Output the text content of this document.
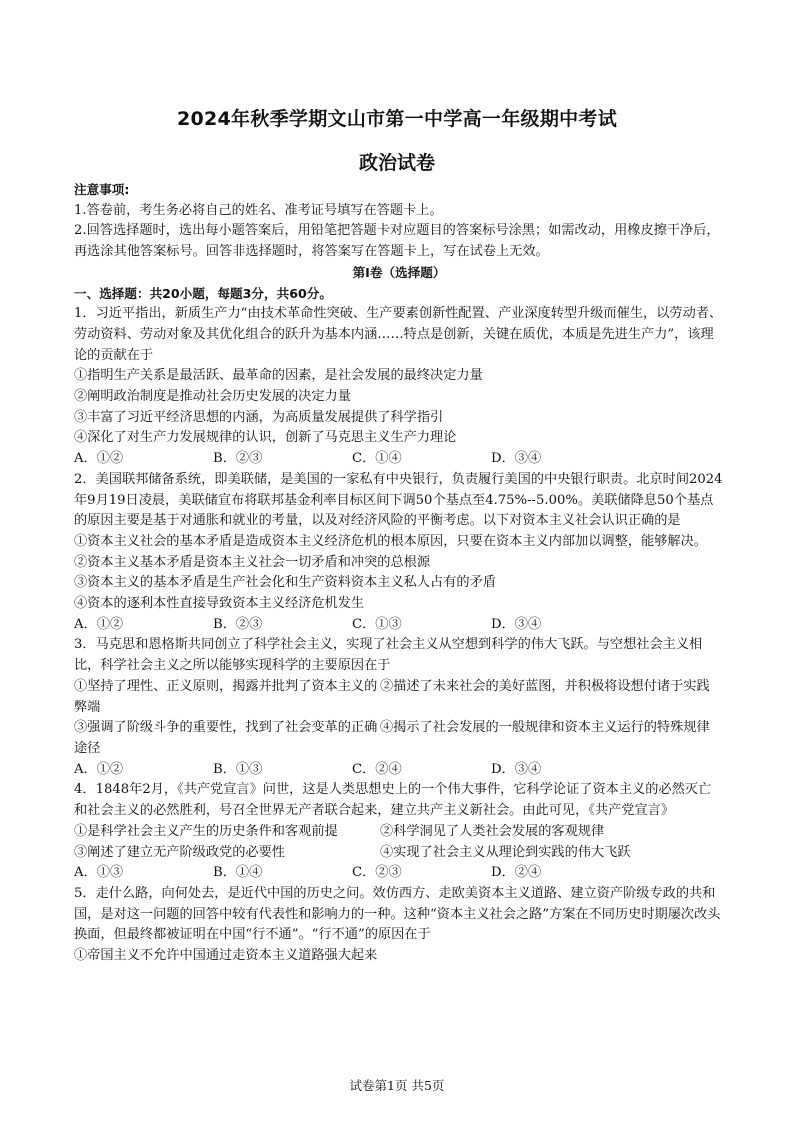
2024年秋季学期文山市第一中学高一年级期中考试
政治试卷
注意事项:
1.答卷前，考生务必将自己的姓名、准考证号填写在答题卡上。
2.回答选择题时，选出每小题答案后，用铅笔把答题卡对应题目的答案标号涂黑；如需改动，用橡皮擦干净后，再选涂其他答案标号。回答非选择题时，将答案写在答题卡上，写在试卷上无效。
第Ⅰ卷（选择题）
一、选择题：共20小题，每题3分，共60分。
1．习近平指出，新质生产力“由技术革命性突破、生产要素创新性配置、产业深度转型升级而催生，以劳动者、劳动资料、劳动对象及其优化组合的跃升为基本内涵……特点是创新，关键在质优，本质是先进生产力”，该理论的贡献在于
①指明生产关系是最活跃、最革命的因素，是社会发展的最终决定力量
②阐明政治制度是推动社会历史发展的决定力量
③丰富了习近平经济思想的内涵，为高质量发展提供了科学指引
④深化了对生产力发展规律的认识，创新了马克思主义生产力理论
A．①②	B．②③	C．①④	D．③④
2．美国联邦储备系统，即美联储，是美国的一家私有中央银行，负责履行美国的中央银行职责。北京时间2024年9月19日凌晨，美联储宣布将联邦基金利率目标区间下调50个基点至4.75%--5.00%。美联储降息50个基点的原因主要是基于对通胀和就业的考量，以及对经济风险的平衡考虑。以下对资本主义社会认识正确的是
①资本主义社会的基本矛盾是造成资本主义经济危机的根本原因，只要在资本主义内部加以调整，能够解决。
②资本主义基本矛盾是资本主义社会一切矛盾和冲突的总根源
③资本主义的基本矛盾是生产社会化和生产资料资本主义私人占有的矛盾
④资本的逐利本性直接导致资本主义经济危机发生
A．①②	B．②③	C．①③	D．③④
3．马克思和恩格斯共同创立了科学社会主义，实现了社会主义从空想到科学的伟大飞跃。与空想社会主义相比，科学社会主义之所以能够实现科学的主要原因在于
①坚持了理性、正义原则，揭露并批判了资本主义的弊端
②描述了未来社会的美好蓝图，并积极将设想付诸于实践
③强调了阶级斗争的重要性，找到了社会变革的正确途径
④揭示了社会发展的一般规律和资本主义运行的特殊规律
A．①②	B．①③	C．②④	D．③④
4．1848年2月，《共产党宣言》问世，这是人类思想史上的一个伟大事件，它科学论证了资本主义的必然灭亡和社会主义的必然胜利，号召全世界无产者联合起来，建立共产主义新社会。由此可见，《共产党宣言》
①是科学社会主义产生的历史条件和客观前提	②科学洞见了人类社会发展的客观规律
③阐述了建立无产阶级政党的必要性	④实现了社会主义从理论到实践的伟大飞跃
A．①③	B．①④	C．②③	D．②④
5．走什么路，向何处去，是近代中国的历史之问。效仿西方、走欧美资本主义道路、建立资产阶级专政的共和国，是对这一问题的回答中较有代表性和影响力的一种。这种“资本主义社会之路”方案在不同历史时期屡次改头换面，但最终都被证明在中国“行不通”。“行不通”的原因在于
①帝国主义不允许中国通过走资本主义道路强大起来
试卷第1页 共5页
